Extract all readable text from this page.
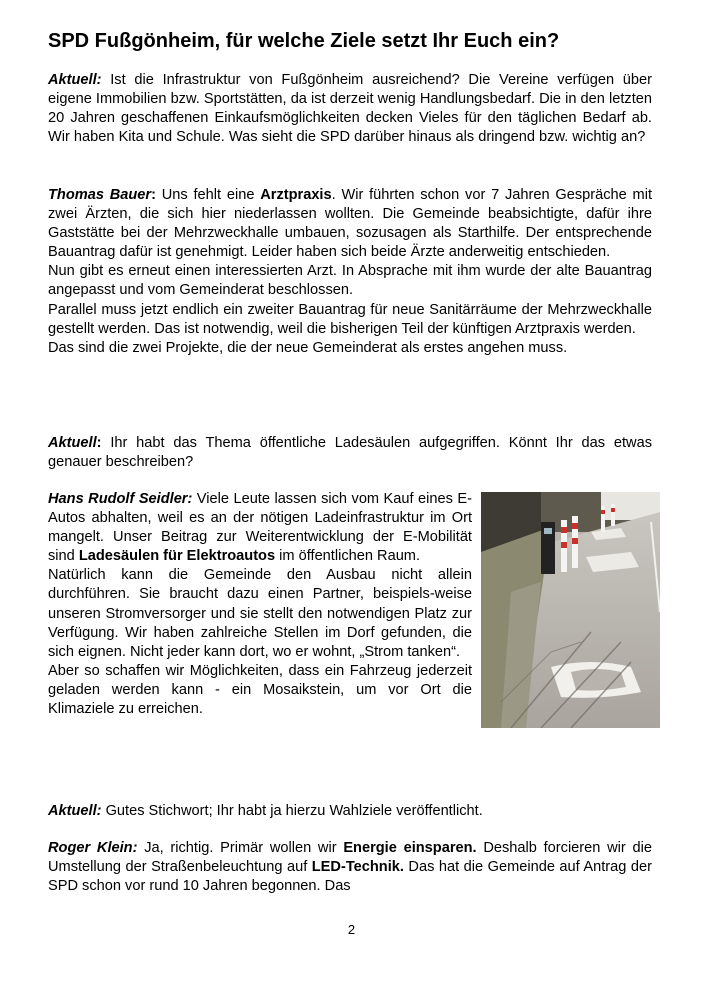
SPD Fußgönheim, für welche Ziele setzt Ihr Euch ein?

Aktuell: Ist die Infrastruktur von Fußgönheim ausreichend? Die Vereine verfügen über eigene Immobilien bzw. Sportstätten, da ist derzeit wenig Handlungsbedarf. Die in den letzten 20 Jahren geschaffenen Einkaufsmöglichkeiten decken Vieles für den täglichen Bedarf ab. Wir haben Kita und Schule. Was sieht die SPD darüber hinaus als dringend bzw. wichtig an?

Thomas Bauer: Uns fehlt eine Arztpraxis. Wir führten schon vor 7 Jahren Gespräche mit zwei Ärzten, die sich hier niederlassen wollten. Die Gemeinde beabsichtigte, dafür ihre Gaststätte bei der Mehrzweckhalle umbauen, sozusagen als Starthilfe. Der entsprechende Bauantrag dafür ist genehmigt. Leider haben sich beide Ärzte anderweitig entschieden.
Nun gibt es erneut einen interessierten Arzt. In Absprache mit ihm wurde der alte Bauantrag angepasst und vom Gemeinderat beschlossen.
Parallel muss jetzt endlich ein zweiter Bauantrag für neue Sanitärräume der Mehrzweckhalle gestellt werden. Das ist notwendig, weil die bisherigen Teil der künftigen Arztpraxis werden.
Das sind die zwei Projekte, die der neue Gemeinderat als erstes angehen muss.

Aktuell: Ihr habt das Thema öffentliche Ladesäulen aufgegriffen. Könnt Ihr das etwas genauer beschreiben?

Hans Rudolf Seidler: Viele Leute lassen sich vom Kauf eines E-Autos abhalten, weil es an der nötigen Ladeinfrastruktur im Ort mangelt. Unser Beitrag zur Weiterentwicklung der E-Mobilität sind Ladesäulen für Elektroautos im öffentlichen Raum.
Natürlich kann die Gemeinde den Ausbau nicht allein durchführen. Sie braucht dazu einen Partner, beispiels-weise unseren Stromversorger und sie stellt den notwendigen Platz zur Verfügung. Wir haben zahlreiche Stellen im Dorf gefunden, die sich eignen. Nicht jeder kann dort, wo er wohnt, „Strom tanken“.
Aber so schaffen wir Möglichkeiten, dass ein Fahrzeug jederzeit geladen werden kann - ein Mosaikstein, um vor Ort die Klimaziele zu erreichen.

Aktuell: Gutes Stichwort; Ihr habt ja hierzu Wahlziele veröffentlicht.

Roger Klein: Ja, richtig. Primär wollen wir Energie einsparen. Deshalb forcieren wir die Umstellung der Straßenbeleuchtung auf LED-Technik. Das hat die Gemeinde auf Antrag der SPD schon vor rund 10 Jahren begonnen. Das

2
